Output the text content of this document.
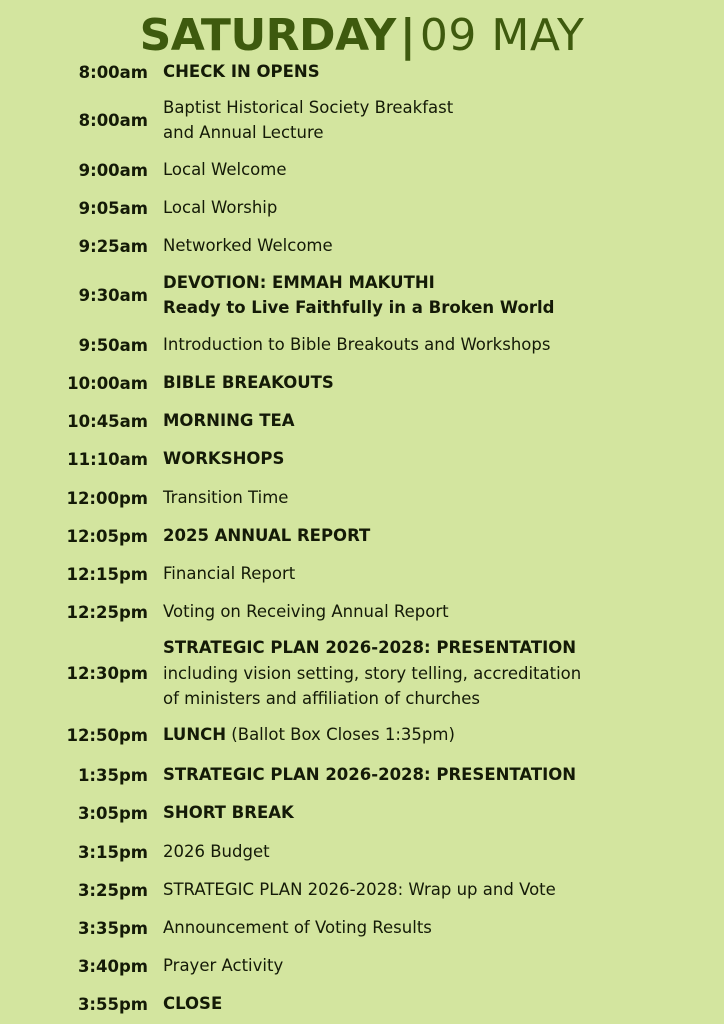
SATURDAY|09 MAY
8:00am CHECK IN OPENS
8:00am
Baptist Historical Society Breakfast
and Annual Lecture
9:00am Local Welcome
9:05am Local Worship
9:25am Networked Welcome
9:30am
DEVOTION: EMMAH MAKUTHI
Ready to Live Faithfully in a Broken World
9:50am Introduction to Bible Breakouts and Workshops
10:00am BIBLE BREAKOUTS
10:45am MORNING TEA
11:10am WORKSHOPS
12:00pm Transition Time
12:05pm 2025 ANNUAL REPORT
12:15pm Financial Report
12:25pm Voting on Receiving Annual Report
12:30pm
STRATEGIC PLAN 2026-2028: PRESENTATION
including vision setting, story telling, accreditation
of ministers and affiliation of churches
12:50pm LUNCH (Ballot Box Closes 1:35pm)
1:35pm STRATEGIC PLAN 2026-2028: PRESENTATION
3:05pm SHORT BREAK
3:15pm 2026 Budget
3:25pm STRATEGIC PLAN 2026-2028: Wrap up and Vote
3:35pm Announcement of Voting Results
3:40pm Prayer Activity
3:55pm CLOSE
